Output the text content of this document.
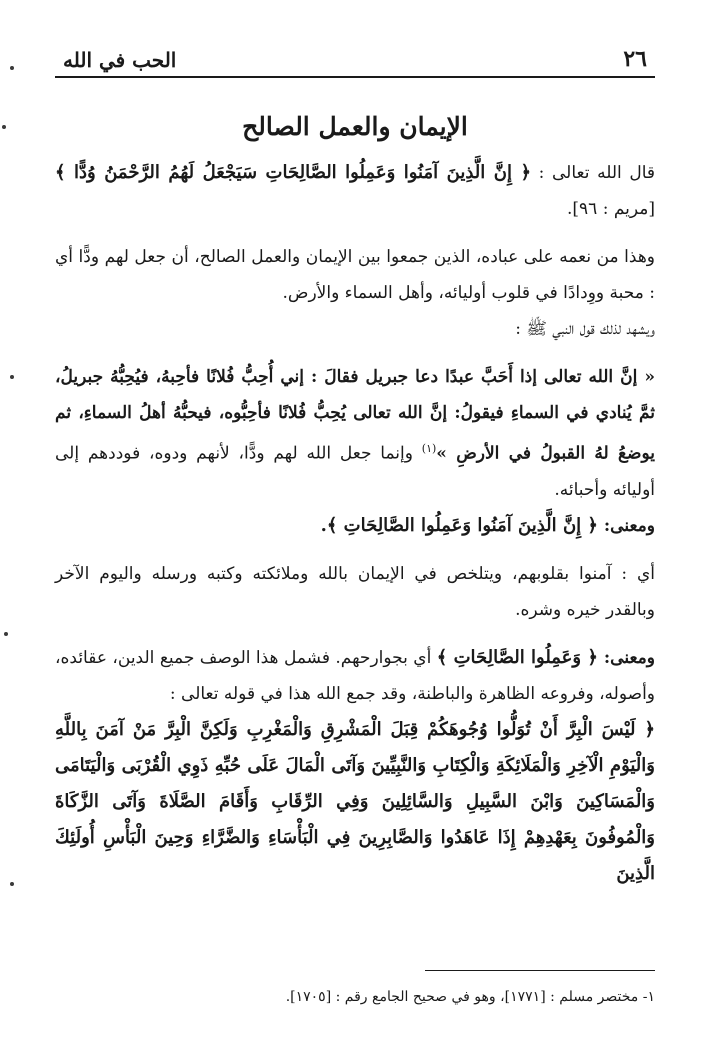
٢٦
الحب في الله
الإيمان والعمل الصالح

قال الله تعالى : ﴿ إِنَّ الَّذِينَ آمَنُوا وَعَمِلُوا الصَّالِحَاتِ سَيَجْعَلُ لَهُمُ الرَّحْمَنُ وُدًّا ﴾ [مريم : ٩٦].

وهذا من نعمه على عباده، الذين جمعوا بين الإيمان والعمل الصالح، أن جعل لهم ودًّا أي : محبة ووِدادًا في قلوب أوليائه، وأهل السماء والأرض.

ويشهد لذلك قول النبي ﷺ :

« إنَّ الله تعالى إذا أَحَبَّ عبدًا دعا جبريل فقالَ : إني أُحِبُّ فُلانًا فأحِبهُ، فيُحِبُّهُ جبريلُ، ثمَّ يُنادي في السماءِ فيقولُ: إنَّ الله تعالى يُحِبُّ فُلانًا فأحِبُّوه، فيحبُّهُ أهلُ السماءِ، ثم يوضعُ لهُ القبولُ في الأرضِ »$^{(١)}$ وإنما جعل الله لهم ودًّا، لأنهم ودوه، فوددهم إلى أوليائه وأحبائه.

ومعنى: ﴿ إِنَّ الَّذِينَ آمَنُوا وَعَمِلُوا الصَّالِحَاتِ ﴾.

أي : آمنوا بقلوبهم، ويتلخص في الإيمان بالله وملائكته وكتبه ورسله واليوم الآخر وبالقدر خيره وشره.

ومعنى: ﴿ وَعَمِلُوا الصَّالِحَاتِ ﴾ أي بجوارحهم. فشمل هذا الوصف جميع الدين، عقائده، وأصوله، وفروعه الظاهرة والباطنة، وقد جمع الله هذا في قوله تعالى :

﴿ لَيْسَ الْبِرَّ أَنْ تُوَلُّوا وُجُوهَكُمْ قِبَلَ الْمَشْرِقِ وَالْمَغْرِبِ وَلَكِنَّ الْبِرَّ مَنْ آمَنَ بِاللَّهِ وَالْيَوْمِ الْآخِرِ وَالْمَلَائِكَةِ وَالْكِتَابِ وَالنَّبِيِّينَ وَآتَى الْمَالَ عَلَى حُبِّهِ ذَوِي الْقُرْبَى وَالْيَتَامَى وَالْمَسَاكِينَ وَابْنَ السَّبِيلِ وَالسَّائِلِينَ وَفِي الرِّقَابِ وَأَقَامَ الصَّلَاةَ وَآتَى الزَّكَاةَ وَالْمُوفُونَ بِعَهْدِهِمْ إِذَا عَاهَدُوا وَالصَّابِرِينَ فِي الْبَأْسَاءِ وَالضَّرَّاءِ وَحِينَ الْبَأْسِ أُولَئِكَ الَّذِينَ

١- مختصر مسلم : [١٧٧١]، وهو في صحيح الجامع رقم : [١٧٠٥].
